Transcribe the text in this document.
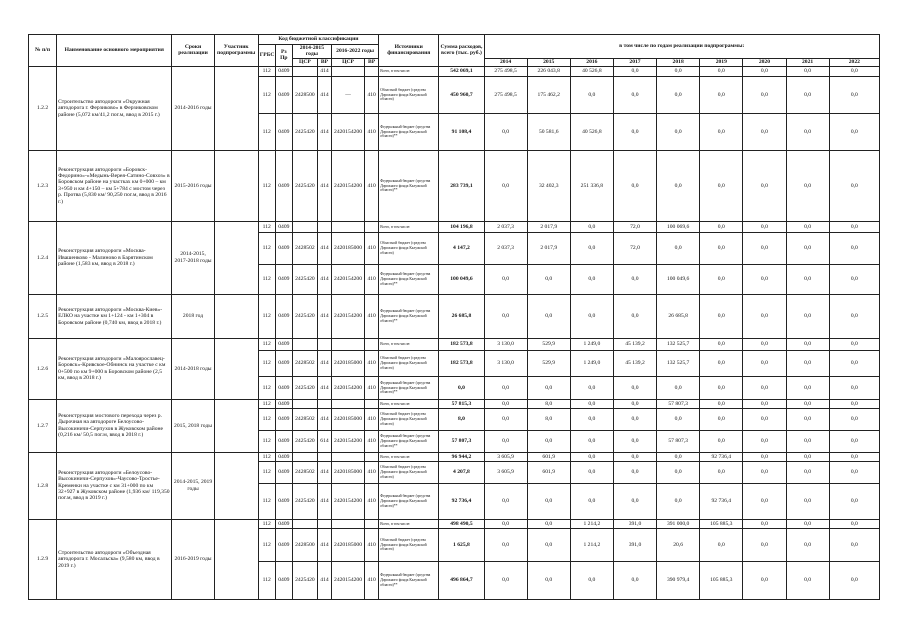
№ п/п	Наименование основного мероприятия	Сроки реализации	Участник подпрограммы	Код бюджетной классификации						Источники финансирования	Сумма расходов, всего (тыс. руб.)	в том числе по годам реализации подпрограммы:								
				ГРБС	Рз Пр	2014-2015 годы		2016-2022 годы												

						ЦСР	ВР	ЦСР	ВР			2014	2015	2016	2017	2018	2019	2020	2021	2022
1.2.2	Строительство автодороги «Окружная автодорога г. Ферзиково» в Ферзиковском районе (5,072 км/41,2 пог.м, ввод в 2015 г.)	2014-2016 годы		112	0409		414			Всего, в том числе:	542 069,1	275 498,5	226 043,8	40 526,8	0,0	0,0	0,0	0,0	0,0	0,0
				112	0409	2428500	414	—	410	Областной бюджет (средства Дорожного фонда Калужской области)	450 960,7	275 498,5	175 462,2	0,0	0,0	0,0	0,0	0,0	0,0	0,0
				112	0409	2425420	414	2420154200	410	Федеральный бюджет (средства Дорожного фонда Калужской области)**	91 108,4	0,0	50 581,6	40 526,8	0,0	0,0	0,0	0,0	0,0	0,0
1.2.3	Реконструкция автодороги «Боровск-Федорино»-«Медынь-Верея-Сатино-Совхоз» в Боровском районе на участках км 0+000 – км 3+950 и км 4+150 – км 5+784 с мостом через р. Протва (5,830 км/ 90,250 пог.м, ввод в 2016 г.)	2015-2016 годы		112	0409	2425420	414	2420154200	410	Федеральный бюджет (средства Дорожного фонда Калужской области)**	283 739,1	0,0	32 402,3	251 336,8	0,0	0,0	0,0	0,0	0,0	0,0
1.2.4	Реконструкция автодороги «Москва-Ивашенково - Малиново в Барятинском районе (1,583 км, ввод в 2018 г.)	2014-2015, 2017-2018 годы		112	0409					Всего, в том числе:	104 196,8	2 037,3	2 017,9	0,0	72,0	100 069,6	0,0	0,0	0,0	0,0
				112	0409	2428502	414	2420185000	410	Областной бюджет (средства Дорожного фонда Калужской области)	4 147,2	2 037,3	2 017,9	0,0	72,0	0,0	0,0	0,0	0,0	0,0
				112	0409	2425420	414	2420154200	410	Федеральный бюджет (средства Дорожного фонда Калужской области)**	100 049,6	0,0	0,0	0,0	0,0	100 049,6	0,0	0,0	0,0	0,0
1.2.5	Реконструкция автодороги «Москва-Киев»-ЕЛКО на участке км 1+124 - км 1+304 в Боровском районе (0,740 км, ввод в 2018 г.)	2018 год		112	0409	2425420	414	2420154200	410	Федеральный бюджет (средства Дорожного фонда Калужской области)**	26 685,8	0,0	0,0	0,0	0,0	26 685,8	0,0	0,0	0,0	0,0
1.2.6	Реконструкция автодороги «Малоярославец-Боровск»-Кривское-Обнинск на участке с км 0+500 по км 9+000 в Боровском районе (2,5 км, ввод в 2018 г.)	2014-2018 годы		112	0409					Всего, в том числе:	182 573,8	3 130,0	529,9	1 249,0	45 139,2	132 525,7	0,0	0,0	0,0	0,0
				112	0409	2428502	414	2420185000	410	Областной бюджет (средства Дорожного фонда Калужской области)	182 573,8	3 130,0	529,9	1 249,0	45 139,2	132 525,7	0,0	0,0	0,0	0,0
				112	0409	2425420	414	2420154200	410	Федеральный бюджет (средства Дорожного фонда Калужской области)**	0,0	0,0	0,0	0,0	0,0	0,0	0,0	0,0	0,0	0,0
1.2.7	Реконструкция мостового перехода через р. Дырочная на автодороге Белоусово-Высокиничи-Серпухов в Жуковском районе (0,216 км/ 50,5 пог.м, ввод в 2018 г.)	2015, 2018 годы		112	0409					Всего, в том числе:	57 815,3	0,0	8,0	0,0	0,0	57 807,3	0,0	0,0	0,0	0,0
				112	0409	2428502	414	2420185000	410	Областной бюджет (средства Дорожного фонда Калужской области)	8,0	0,0	8,0	0,0	0,0	0,0	0,0	0,0	0,0	0,0
				112	0409	2425420	614	2420154200	410	Федеральный бюджет (средства Дорожного фонда Калужской области)**	57 807,3	0,0	0,0	0,0	0,0	57 807,3	0,0	0,0	0,0	0,0
1.2.8	Реконструкция автодороги «Белоусово-Высокиничи-Серпухов»-Чаусово-Тростье-Кременки на участке с км 31+000 по км 32+927 в Жуковском районе (1,936 км/ 119,350 пог.м, ввод в 2019 г.)	2014-2015, 2019 годы		112	0409					Всего, в том числе:	96 944,2	3 605,9	601,9	0,0	0,0	0,0	92 736,4	0,0	0,0	0,0
				112	0409	2428502	414	2420185000	410	Областной бюджет (средства Дорожного фонда Калужской области)	4 207,8	3 605,9	601,9	0,0	0,0	0,0	0,0	0,0	0,0	0,0
				112	0409	2425420	414	2420154200	410	Федеральный бюджет (средства Дорожного фонда Калужской области)**	92 736,4	0,0	0,0	0,0	0,0	0,0	92 736,4	0,0	0,0	0,0
1.2.9	Строительство автодороги «Объездная автодорога г. Мосальска» (9,580 км, ввод в 2019 г.)	2016-2019 годы		112	0409					Всего, в том числе:	498 490,5	0,0	0,0	1 214,2	391,0	391 000,0	105 885,3	0,0	0,0	0,0
				112	0409	2428500	414	2420185000	410	Областной бюджет (средства Дорожного фонда Калужской области)	1 625,8	0,0	0,0	1 214,2	391,0	20,6	0,0	0,0	0,0	0,0
				112	0409	2425420	414	2420154200	410	Федеральный бюджет (средства Дорожного фонда Калужской области)**	496 864,7	0,0	0,0	0,0	0,0	390 979,4	105 885,3	0,0	0,0	0,0
